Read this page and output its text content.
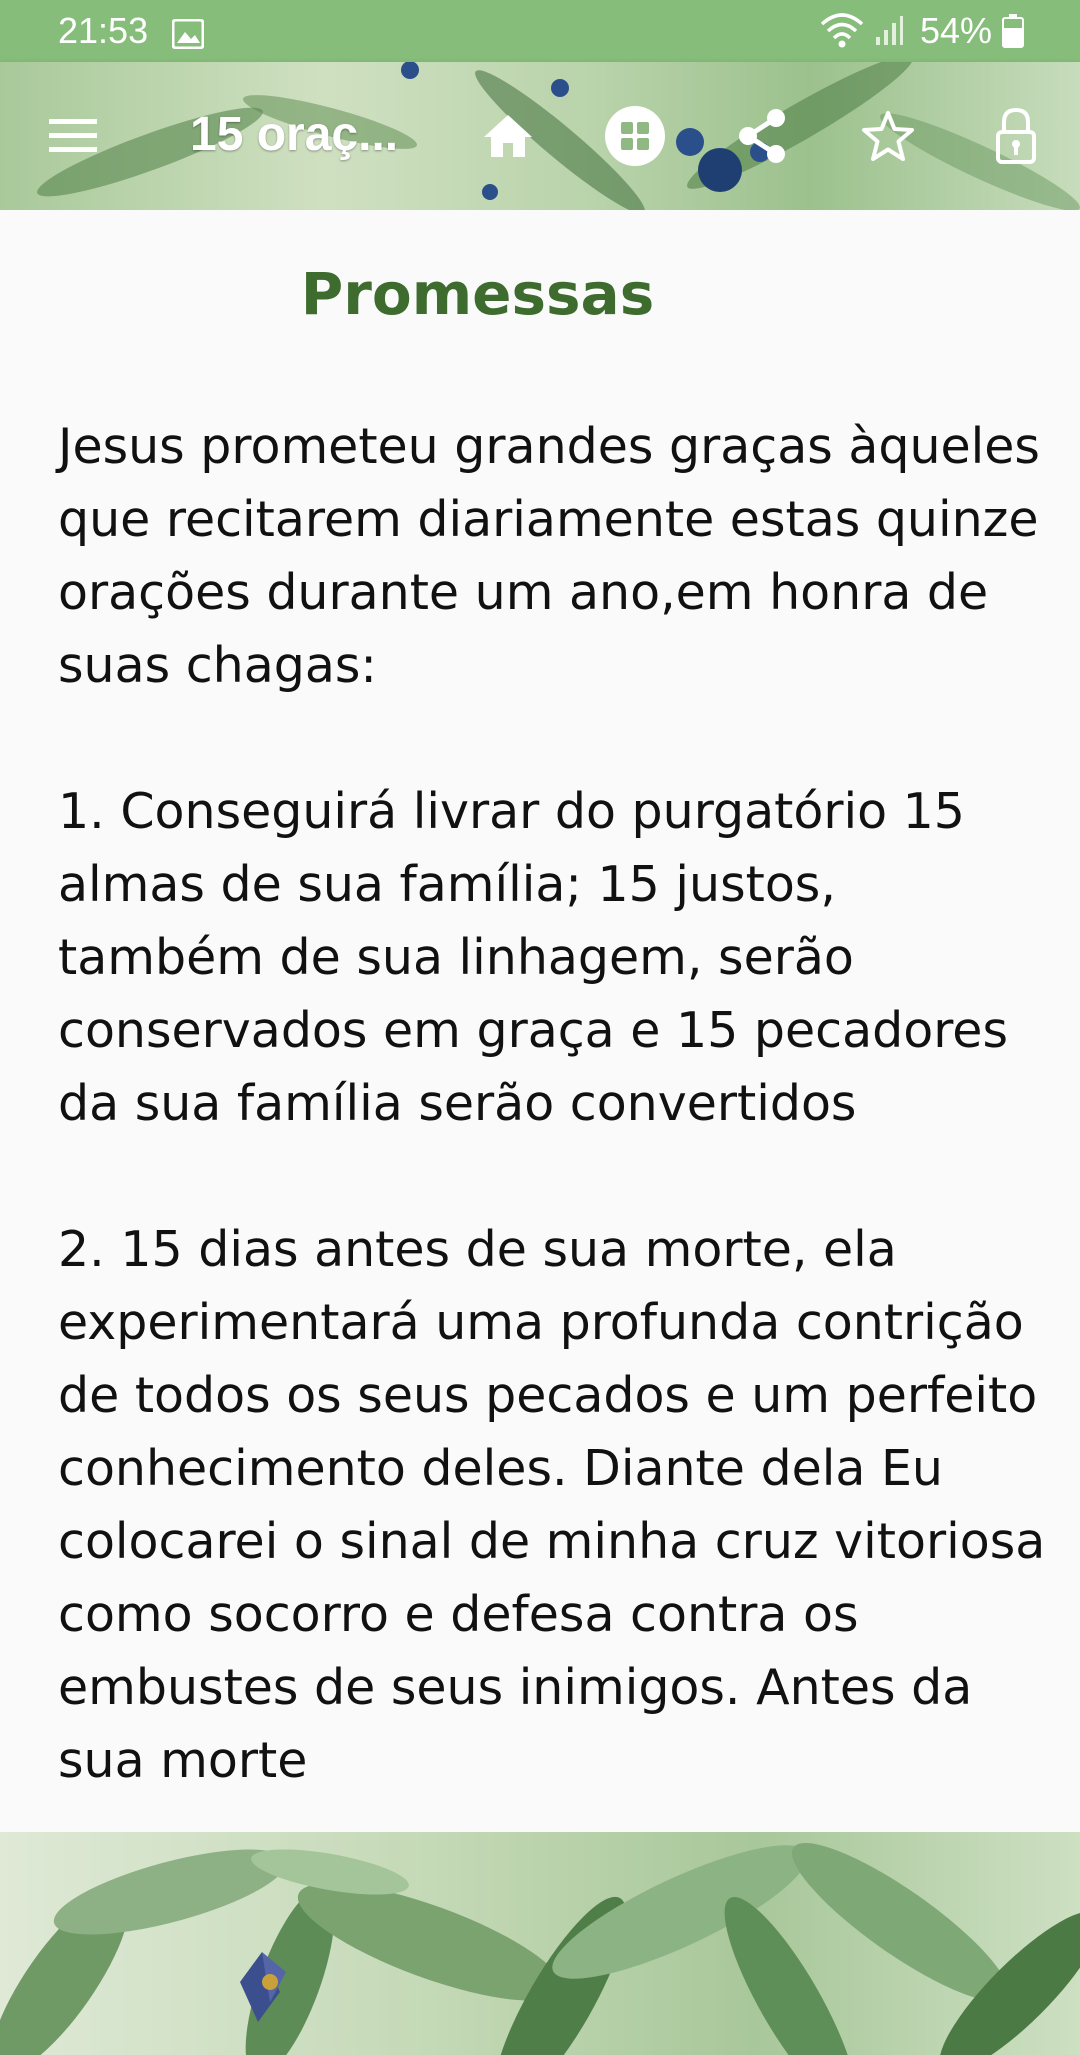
21:53	54%
15 oraç...
Promessas

Jesus prometeu grandes graças àqueles que recitarem diariamente estas quinze orações durante um ano,em honra de suas chagas:

1. Conseguirá livrar do purgatório 15 almas de sua família; 15 justos, também de sua linhagem, serão conservados em graça e 15 pecadores da sua família serão convertidos

2. 15 dias antes de sua morte, ela experimentará uma profunda contrição de todos os seus pecados e um perfeito conhecimento deles. Diante dela Eu colocarei o sinal de minha cruz vitoriosa como socorro e defesa contra os embustes de seus inimigos. Antes da sua morte
